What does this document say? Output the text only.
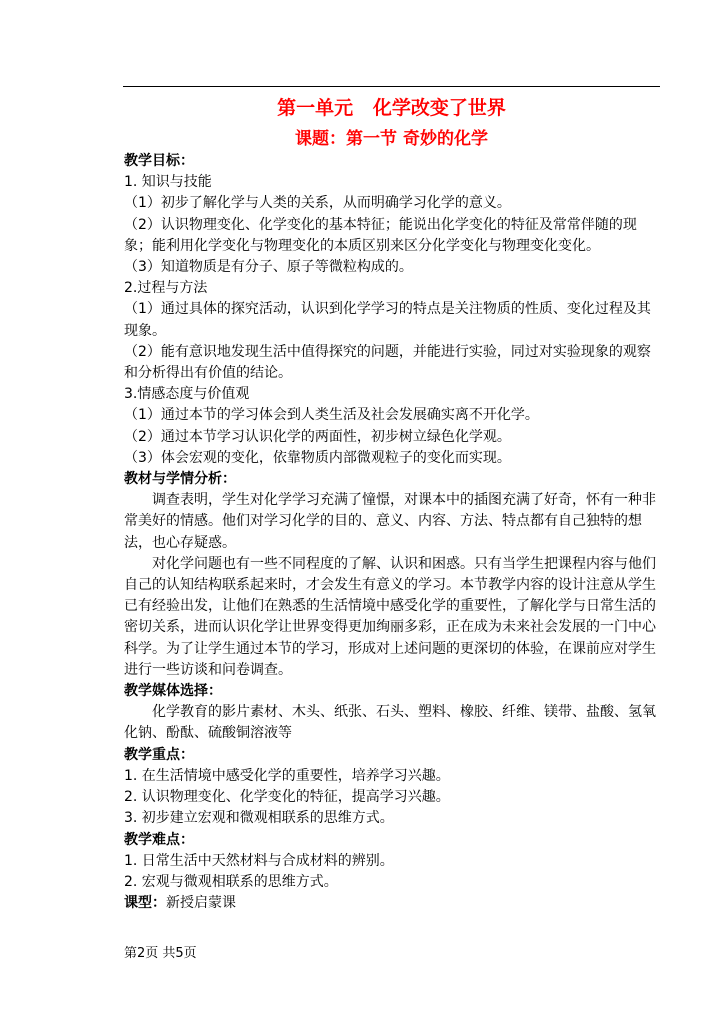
第一单元   化学改变了世界
课题：第一节 奇妙的化学

教学目标：

1. 知识与技能

（1）初步了解化学与人类的关系，从而明确学习化学的意义。

（2）认识物理变化、化学变化的基本特征；能说出化学变化的特征及常常伴随的现象；能利用化学变化与物理变化的本质区别来区分化学变化与物理变化变化。

（3）知道物质是有分子、原子等微粒构成的。

2.过程与方法

（1）通过具体的探究活动，认识到化学学习的特点是关注物质的性质、变化过程及其现象。

（2）能有意识地发现生活中值得探究的问题，并能进行实验，同过对实验现象的观察和分析得出有价值的结论。

3.情感态度与价值观

（1）通过本节的学习体会到人类生活及社会发展确实离不开化学。

（2）通过本节学习认识化学的两面性，初步树立绿色化学观。

（3）体会宏观的变化，依靠物质内部微观粒子的变化而实现。

教材与学情分析：

调查表明，学生对化学学习充满了憧憬，对课本中的插图充满了好奇，怀有一种非常美好的情感。他们对学习化学的目的、意义、内容、方法、特点都有自己独特的想法，也心存疑惑。

对化学问题也有一些不同程度的了解、认识和困惑。只有当学生把课程内容与他们自己的认知结构联系起来时，才会发生有意义的学习。本节教学内容的设计注意从学生已有经验出发，让他们在熟悉的生活情境中感受化学的重要性，了解化学与日常生活的密切关系，进而认识化学让世界变得更加绚丽多彩，正在成为未来社会发展的一门中心科学。为了让学生通过本节的学习，形成对上述问题的更深切的体验，在课前应对学生进行一些访谈和问卷调查。

教学媒体选择：

化学教育的影片素材、木头、纸张、石头、塑料、橡胶、纤维、镁带、盐酸、氢氧化钠、酚酞、硫酸铜溶液等

教学重点：

1. 在生活情境中感受化学的重要性，培养学习兴趣。

2. 认识物理变化、化学变化的特征，提高学习兴趣。

3. 初步建立宏观和微观相联系的思维方式。

教学难点：

1. 日常生活中天然材料与合成材料的辨别。

2. 宏观与微观相联系的思维方式。

课型：新授启蒙课

第2页 共5页
